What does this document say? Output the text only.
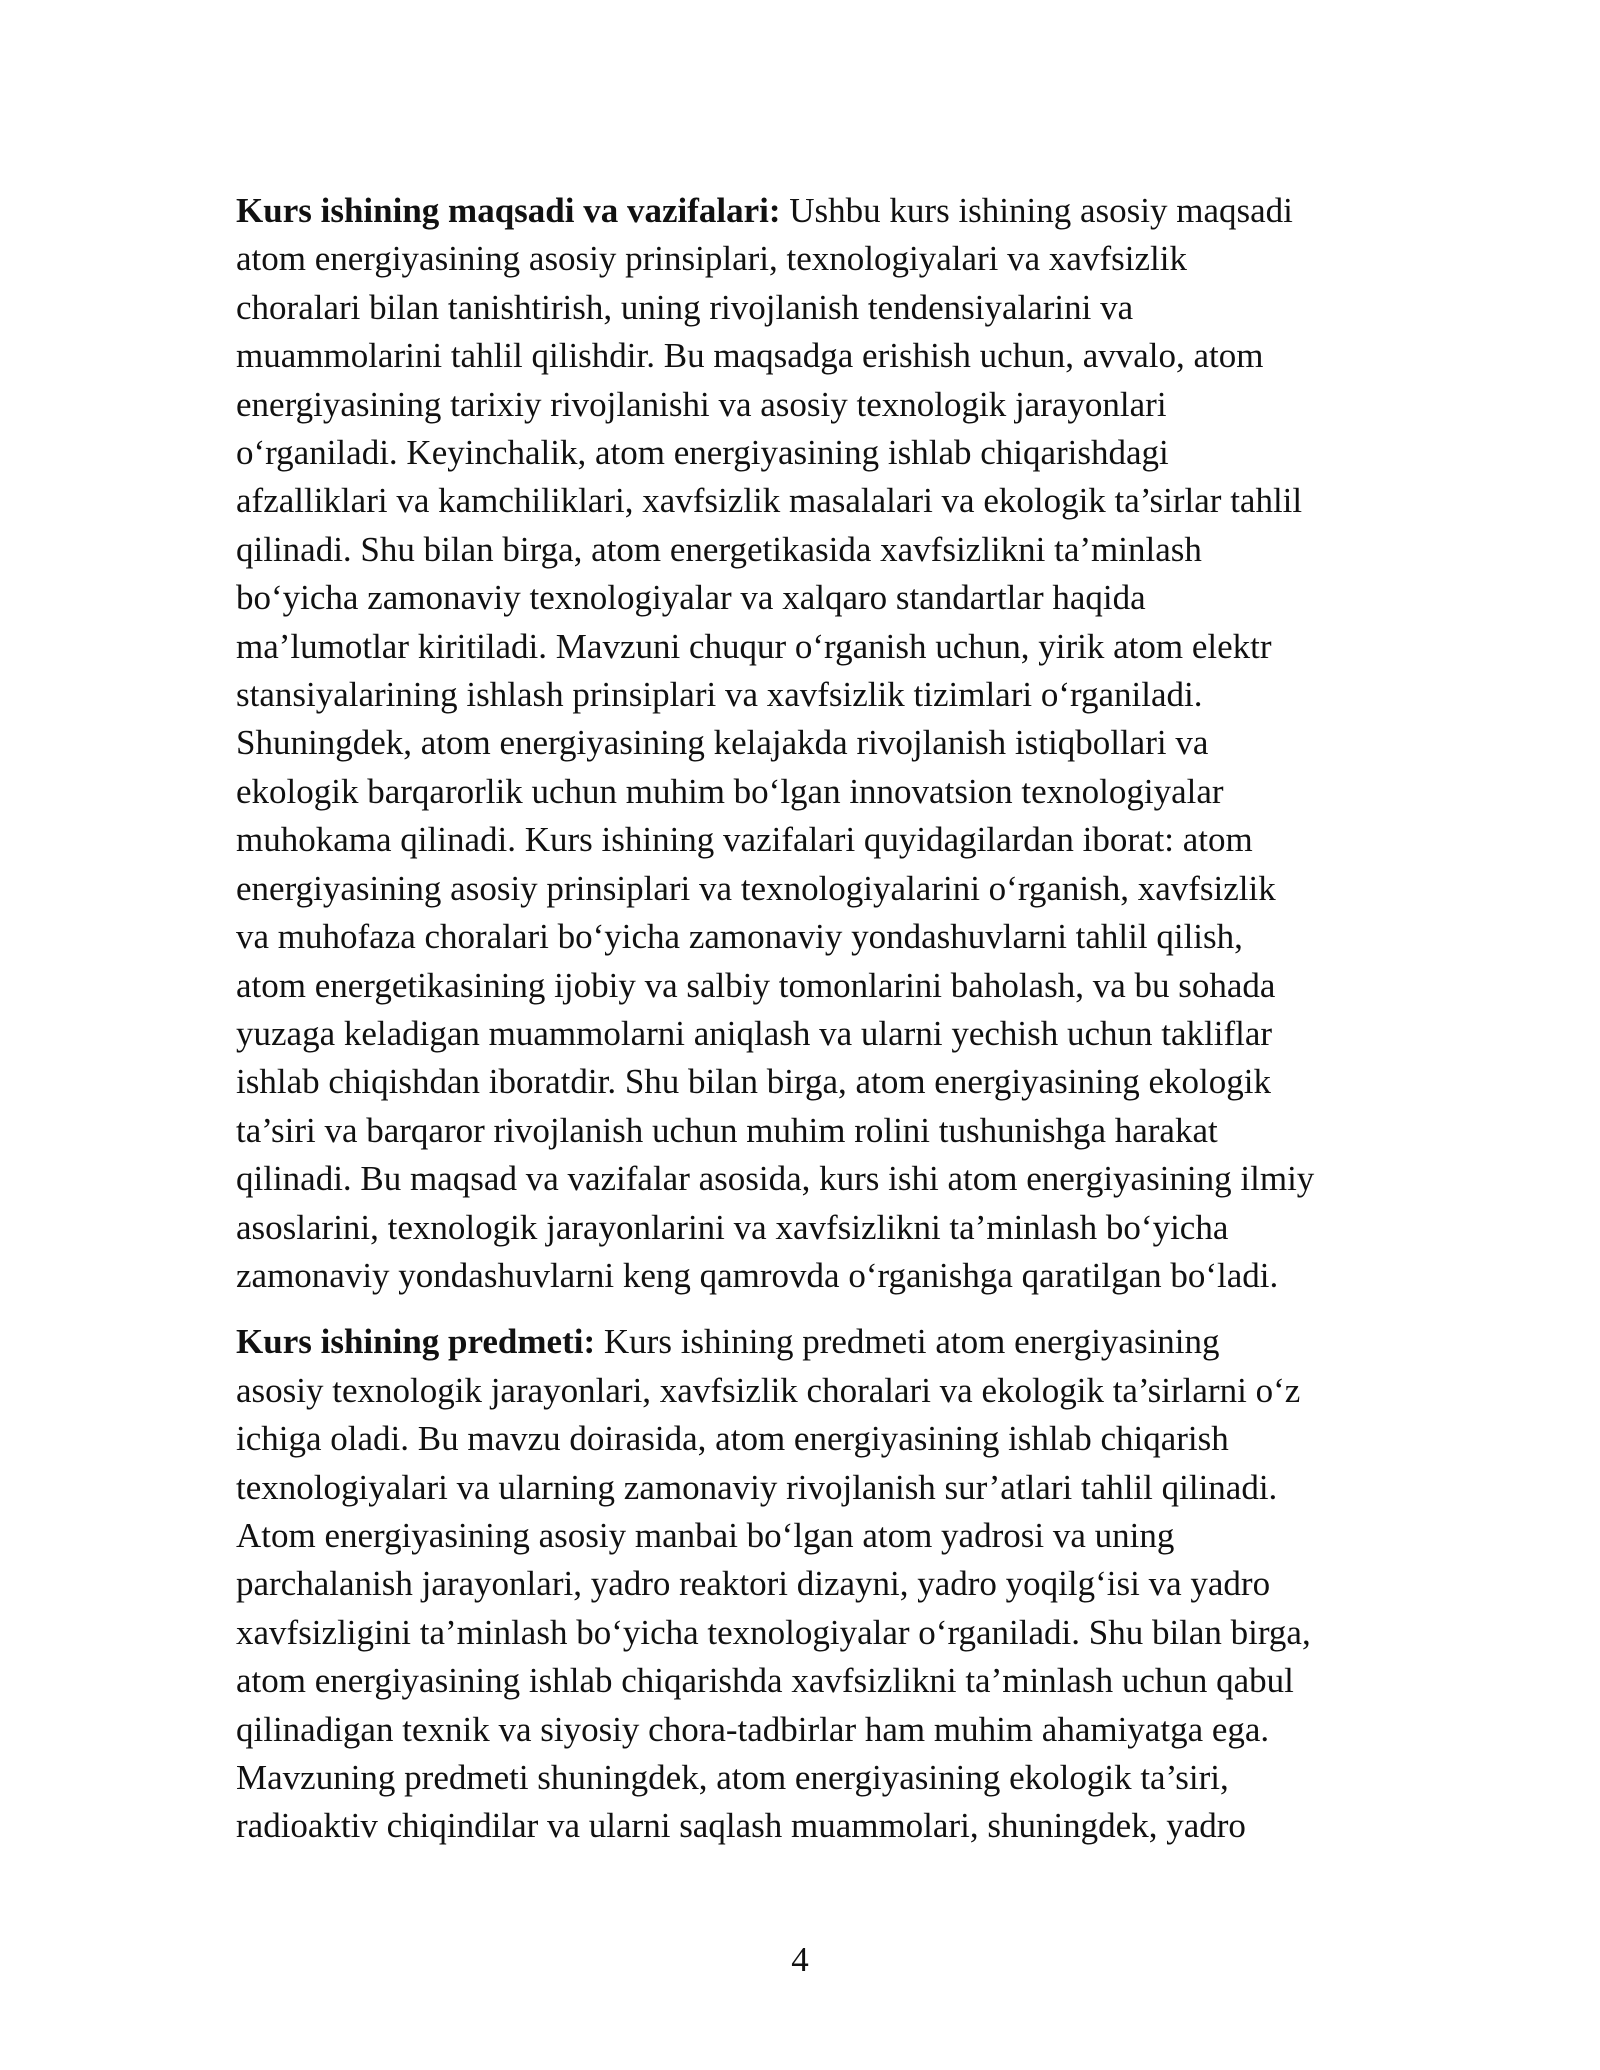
Kurs ishining maqsadi va vazifalari: Ushbu kurs ishining asosiy maqsadi
atom energiyasining asosiy prinsiplari, texnologiyalari va xavfsizlik
choralari bilan tanishtirish, uning rivojlanish tendensiyalarini va
muammolarini tahlil qilishdir. Bu maqsadga erishish uchun, avvalo, atom
energiyasining tarixiy rivojlanishi va asosiy texnologik jarayonlari
o‘rganiladi. Keyinchalik, atom energiyasining ishlab chiqarishdagi
afzalliklari va kamchiliklari, xavfsizlik masalalari va ekologik ta’sirlar tahlil
qilinadi. Shu bilan birga, atom energetikasida xavfsizlikni ta’minlash
bo‘yicha zamonaviy texnologiyalar va xalqaro standartlar haqida
ma’lumotlar kiritiladi. Mavzuni chuqur o‘rganish uchun, yirik atom elektr
stansiyalarining ishlash prinsiplari va xavfsizlik tizimlari o‘rganiladi.
Shuningdek, atom energiyasining kelajakda rivojlanish istiqbollari va
ekologik barqarorlik uchun muhim bo‘lgan innovatsion texnologiyalar
muhokama qilinadi. Kurs ishining vazifalari quyidagilardan iborat: atom
energiyasining asosiy prinsiplari va texnologiyalarini o‘rganish, xavfsizlik
va muhofaza choralari bo‘yicha zamonaviy yondashuvlarni tahlil qilish,
atom energetikasining ijobiy va salbiy tomonlarini baholash, va bu sohada
yuzaga keladigan muammolarni aniqlash va ularni yechish uchun takliflar
ishlab chiqishdan iboratdir. Shu bilan birga, atom energiyasining ekologik
ta’siri va barqaror rivojlanish uchun muhim rolini tushunishga harakat
qilinadi. Bu maqsad va vazifalar asosida, kurs ishi atom energiyasining ilmiy
asoslarini, texnologik jarayonlarini va xavfsizlikni ta’minlash bo‘yicha
zamonaviy yondashuvlarni keng qamrovda o‘rganishga qaratilgan bo‘ladi.

Kurs ishining predmeti: Kurs ishining predmeti atom energiyasining
asosiy texnologik jarayonlari, xavfsizlik choralari va ekologik ta’sirlarni o‘z
ichiga oladi. Bu mavzu doirasida, atom energiyasining ishlab chiqarish
texnologiyalari va ularning zamonaviy rivojlanish sur’atlari tahlil qilinadi.
Atom energiyasining asosiy manbai bo‘lgan atom yadrosi va uning
parchalanish jarayonlari, yadro reaktori dizayni, yadro yoqilg‘isi va yadro
xavfsizligini ta’minlash bo‘yicha texnologiyalar o‘rganiladi. Shu bilan birga,
atom energiyasining ishlab chiqarishda xavfsizlikni ta’minlash uchun qabul
qilinadigan texnik va siyosiy chora-tadbirlar ham muhim ahamiyatga ega.
Mavzuning predmeti shuningdek, atom energiyasining ekologik ta’siri,
radioaktiv chiqindilar va ularni saqlash muammolari, shuningdek, yadro

4
